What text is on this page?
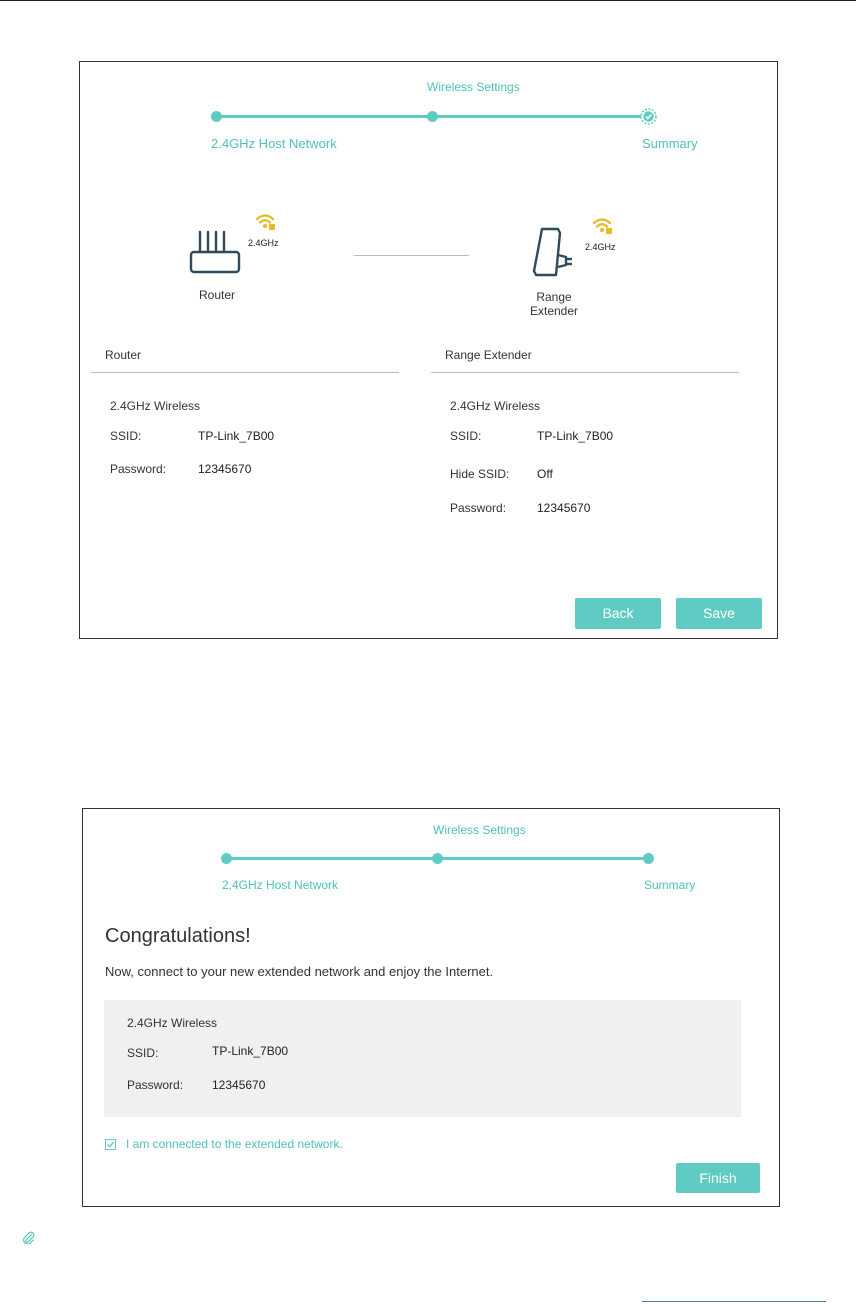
Wireless Settings
2.4GHz Host Network	Summary
2.4GHz
Router
2.4GHz
Range
Extender
Router
2.4GHz Wireless
SSID:	TP-Link_7B00
Password:	12345670
Range Extender
2.4GHz Wireless
SSID:	TP-Link_7B00
Hide SSID: Off
Password:	12345670
Back	Save
Wireless Settings
2.4GHz Host Network	Summary
Congratulations!
Now, connect to your new extended network and enjoy the Internet.
2.4GHz Wireless
SSID:	TP-Link_7B00
Password: 12345670
I am connected to the extended network.
Finish
